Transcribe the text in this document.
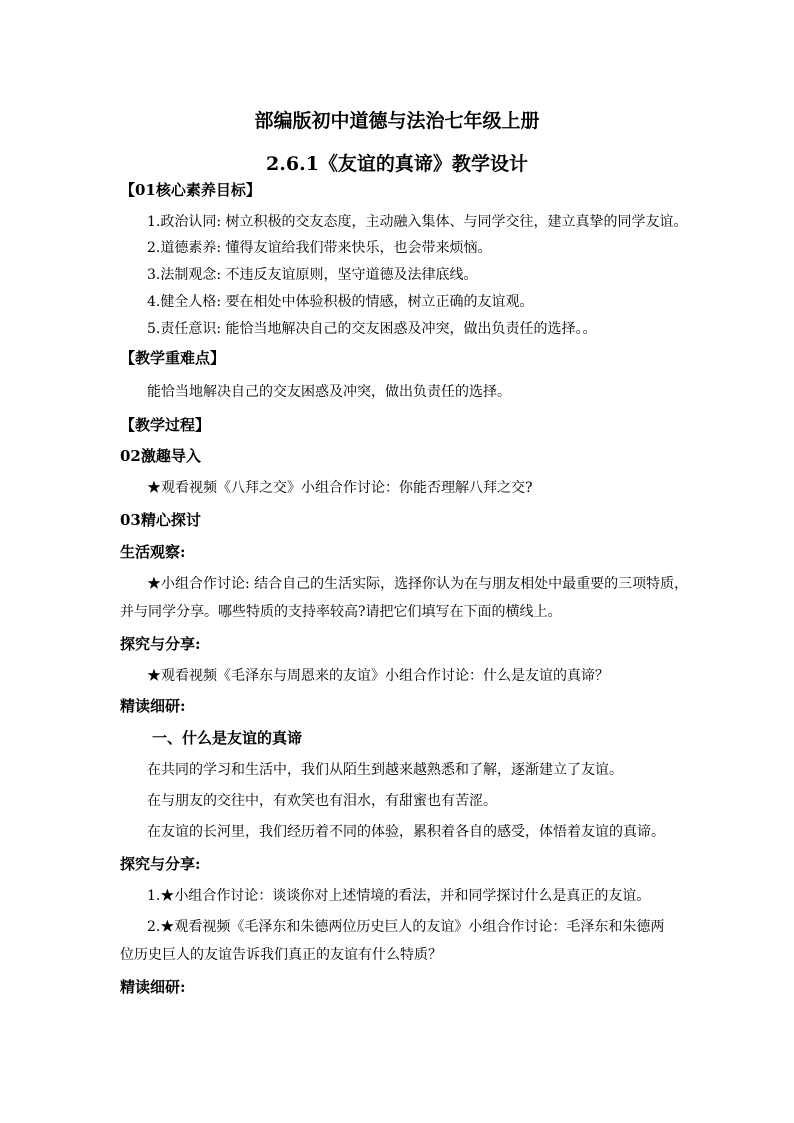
部编版初中道德与法治七年级上册
2.6.1《友谊的真谛》教学设计
【01核心素养目标】
1.政治认同: 树立积极的交友态度，主动融入集体、与同学交往，建立真挚的同学友谊。
2.道德素养: 懂得友谊给我们带来快乐，也会带来烦恼。
3.法制观念: 不违反友谊原则，坚守道德及法律底线。
4.健全人格: 要在相处中体验积极的情感，树立正确的友谊观。
5.责任意识: 能恰当地解决自己的交友困惑及冲突，做出负责任的选择。。
【教学重难点】
能恰当地解决自己的交友困惑及冲突，做出负责任的选择。
【教学过程】
02激趣导入
★观看视频《八拜之交》小组合作讨论：你能否理解八拜之交?
03精心探讨
生活观察:
★小组合作讨论: 结合自己的生活实际，选择你认为在与朋友相处中最重要的三项特质，
并与同学分享。哪些特质的支持率较高?请把它们填写在下面的横线上。
探究与分享:
★观看视频《毛泽东与周恩来的友谊》小组合作讨论：什么是友谊的真谛？
精读细研:
一、什么是友谊的真谛
在共同的学习和生活中，我们从陌生到越来越熟悉和了解，逐渐建立了友谊。
在与朋友的交往中，有欢笑也有泪水，有甜蜜也有苦涩。
在友谊的长河里，我们经历着不同的体验，累积着各自的感受，体悟着友谊的真谛。
探究与分享:
1.★小组合作讨论：谈谈你对上述情境的看法，并和同学探讨什么是真正的友谊。
2.★观看视频《毛泽东和朱德两位历史巨人的友谊》小组合作讨论：毛泽东和朱德两
位历史巨人的友谊告诉我们真正的友谊有什么特质？
精读细研:
